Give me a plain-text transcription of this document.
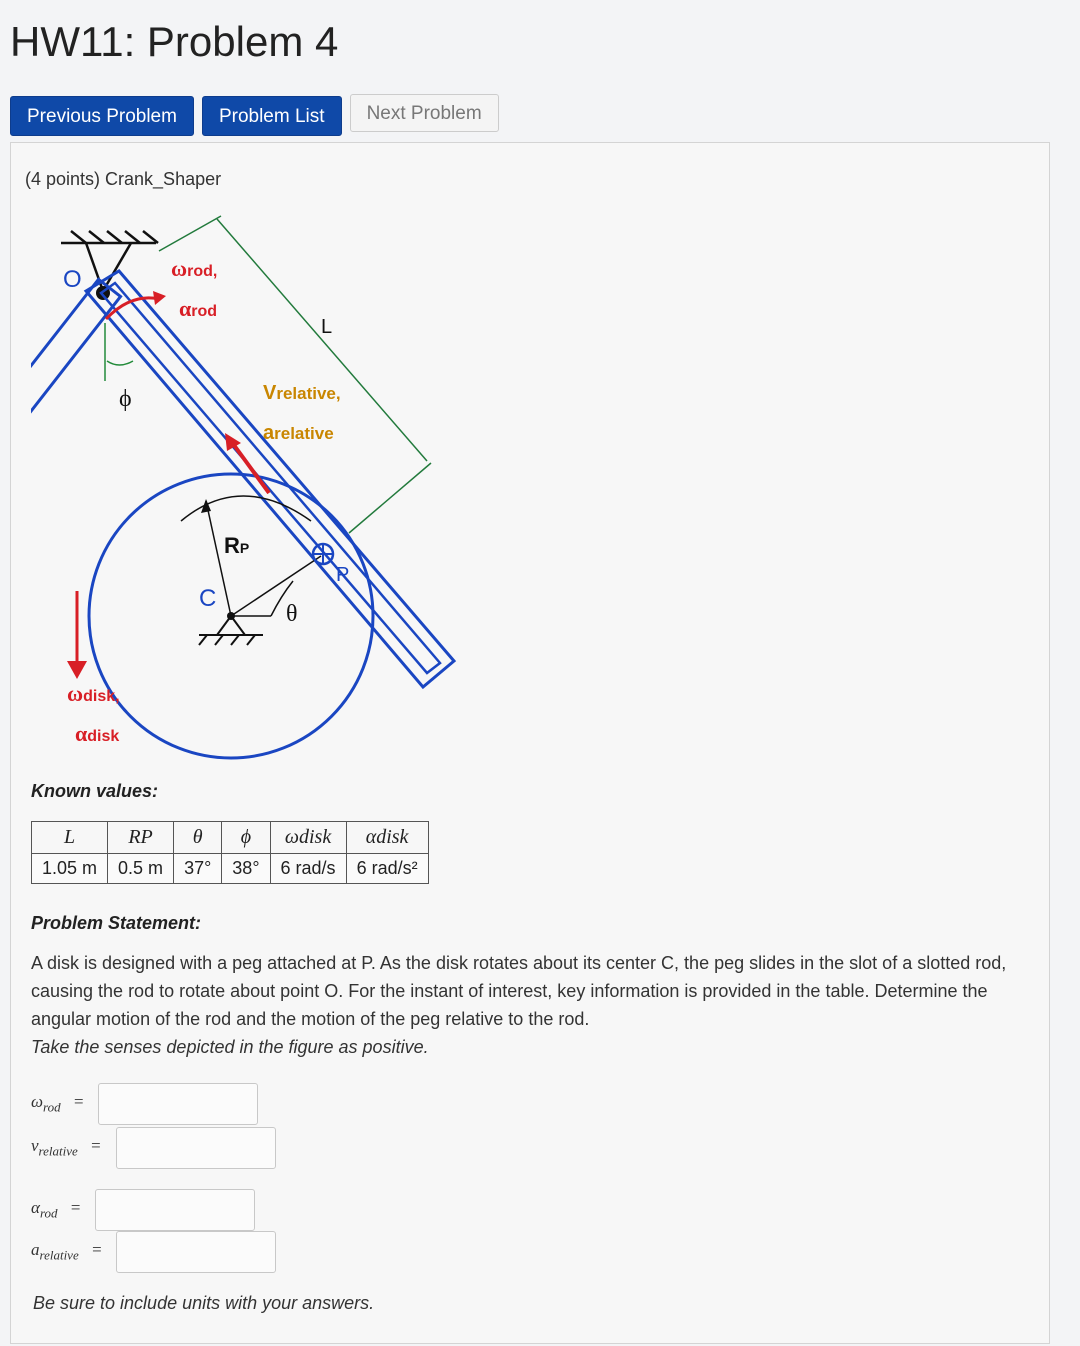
HW11: Problem 4
Previous Problem	Problem List	Next Problem
(4 points) Crank_Shaper
O
ϕ
ωrod,
αrod
L
Vrelative,
arelative
RP
C
θ
P
ωdisk,
αdisk
Known values:
L	RP	θ	ϕ	ωdisk	αdisk
1.05 m	0.5 m	37°	38°	6 rad/s	6 rad/s²
Problem Statement:
A disk is designed with a peg attached at P. As the disk rotates about its center C, the peg slides in the slot of a slotted rod, causing the rod to rotate about point O. For the instant of interest, key information is provided in the table. Determine the angular motion of the rod and the motion of the peg relative to the rod.
Take the senses depicted in the figure as positive.
$\omega_{rod}$ =
$v_{relative}$ =
$\alpha_{rod}$ =
$a_{relative}$ =
Be sure to include units with your answers.
